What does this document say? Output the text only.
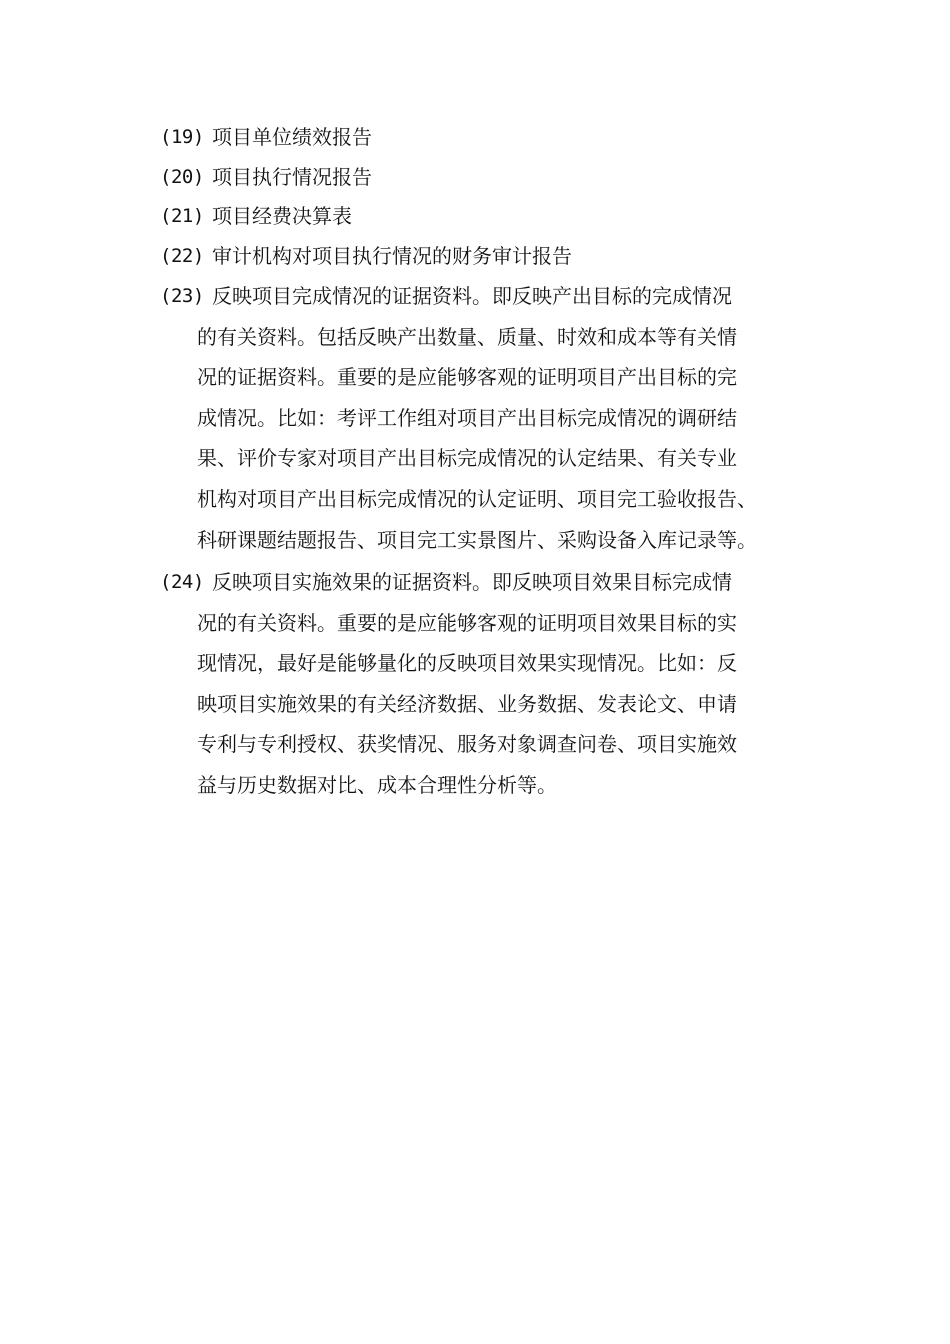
(19) 项目单位绩效报告
(20) 项目执行情况报告
(21) 项目经费决算表
(22) 审计机构对项目执行情况的财务审计报告
(23) 反映项目完成情况的证据资料。即反映产出目标的完成情况
的有关资料。包括反映产出数量、质量、时效和成本等有关情
况的证据资料。重要的是应能够客观的证明项目产出目标的完
成情况。比如：考评工作组对项目产出目标完成情况的调研结
果、评价专家对项目产出目标完成情况的认定结果、有关专业
机构对项目产出目标完成情况的认定证明、项目完工验收报告、
科研课题结题报告、项目完工实景图片、采购设备入库记录等。
(24) 反映项目实施效果的证据资料。即反映项目效果目标完成情
况的有关资料。重要的是应能够客观的证明项目效果目标的实
现情况，最好是能够量化的反映项目效果实现情况。比如：反
映项目实施效果的有关经济数据、业务数据、发表论文、申请
专利与专利授权、获奖情况、服务对象调查问卷、项目实施效
益与历史数据对比、成本合理性分析等。
